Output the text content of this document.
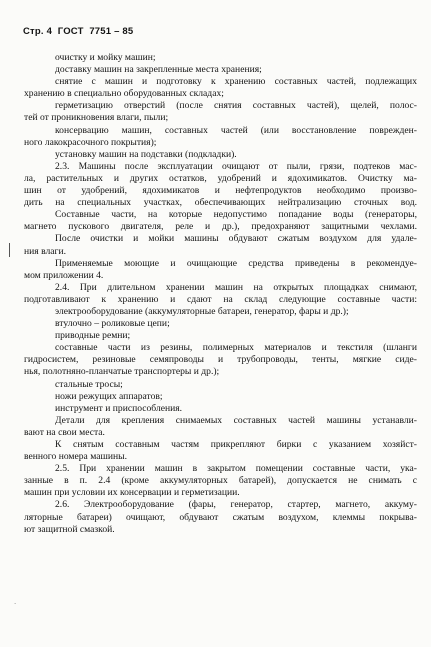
Стр. 4  ГОСТ  7751 – 85
очистку и мойку машин;
доставку машин на закрепленные места хранения;
снятие с машин и подготовку к хранению составных частей, подлежащих
хранению в специально оборудованных складах;
герметизацию отверстий (после снятия составных частей), щелей, полос-
тей от проникновения влаги, пыли;
консервацию машин, составных частей (или восстановление поврежден-
ного лакокрасочного покрытия);
установку машин на подставки (подкладки).
2.3. Машины после эксплуатации очищают от пыли, грязи, подтеков мас-
ла, растительных и других остатков, удобрений и ядохимикатов. Очистку ма-
шин от удобрений, ядохимикатов и нефтепродуктов необходимо произво-
дить на специальных участках, обеспечивающих нейтрализацию сточных вод.
Составные части, на которые недопустимо попадание воды (генераторы,
магнето пускового двигателя, реле и др.), предохраняют защитными чехлами.
После очистки и мойки машины обдувают сжатым воздухом для удале-
ния влаги.
Применяемые моющие и очищающие средства приведены в рекомендуе-
мом приложении 4.
2.4. При длительном хранении машин на открытых площадках снимают,
подготавливают к хранению и сдают на склад следующие составные части:
электрооборудование (аккумуляторные батареи, генератор, фары и др.);
втулочно – роликовые цепи;
приводные ремни;
составные части из резины, полимерных материалов и текстиля (шланги
гидросистем, резиновые семяпроводы и трубопроводы, тенты, мягкие сиде-
нья, полотняно-планчатые транспортеры и др.);
стальные тросы;
ножи режущих аппаратов;
инструмент и приспособления.
Детали для крепления снимаемых составных частей машины устанавли-
вают на свои места.
К снятым составным частям прикрепляют бирки с указанием хозяйст-
венного номера машины.
2.5. При хранении машин в закрытом помещении составные части, ука-
занные в п. 2.4 (кроме аккумуляторных батарей), допускается не снимать с
машин при условии их консервации и герметизации.
2.6. Электрооборудование (фары, генератор, стартер, магнето, аккуму-
ляторные батареи) очищают, обдувают сжатым воздухом, клеммы покрыва-
ют защитной смазкой.
.
